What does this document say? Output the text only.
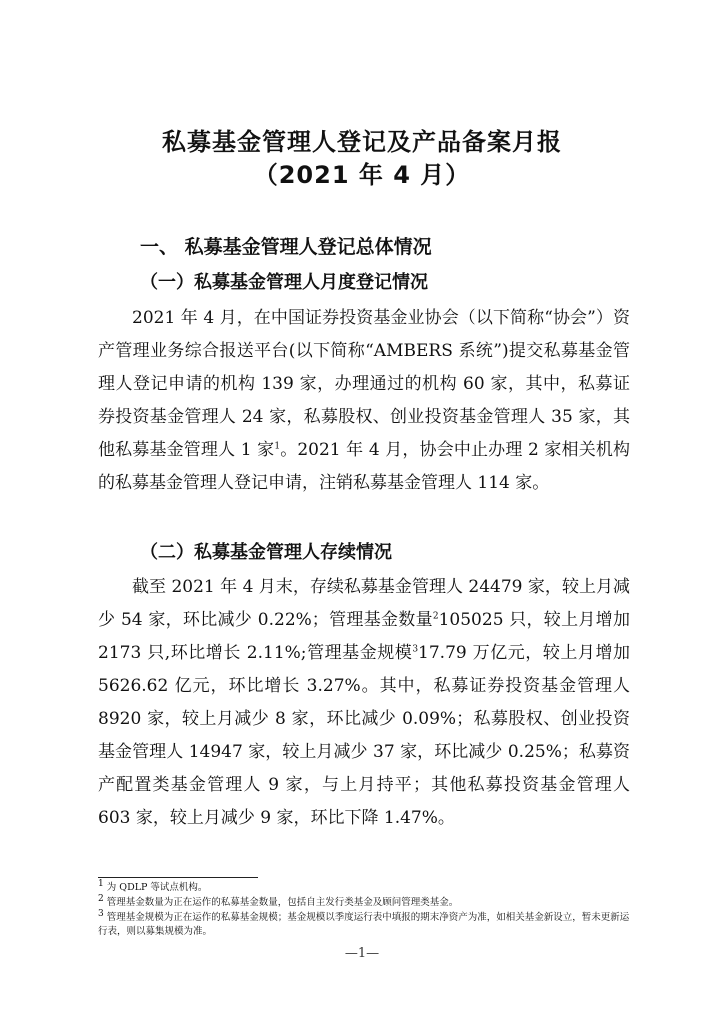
私募基金管理人登记及产品备案月报
（2021 年 4 月）
一、 私募基金管理人登记总体情况
（一）私募基金管理人月度登记情况

2021 年 4 月，在中国证券投资基金业协会（以下简称“协会”）资产管理业务综合报送平台(以下简称“AMBERS 系统”)提交私募基金管理人登记申请的机构 139 家，办理通过的机构 60 家，其中，私募证券投资基金管理人 24 家，私募股权、创业投资基金管理人 35 家，其他私募基金管理人 1 家$^1$。2021 年 4 月，协会中止办理 2 家相关机构的私募基金管理人登记申请，注销私募基金管理人 114 家。

（二）私募基金管理人存续情况

截至 2021 年 4 月末，存续私募基金管理人 24479 家，较上月减少 54 家，环比减少 0.22%；管理基金数量$^2$105025 只，较上月增加 2173 只,环比增长 2.11%;管理基金规模$^3$17.79 万亿元，较上月增加 5626.62 亿元，环比增长 3.27%。其中，私募证券投资基金管理人 8920 家，较上月减少 8 家，环比减少 0.09%；私募股权、创业投资基金管理人 14947 家，较上月减少 37 家，环比减少 0.25%；私募资产配置类基金管理人 9 家，与上月持平；其他私募投资基金管理人 603 家，较上月减少 9 家，环比下降 1.47%。

$^1$ 为 QDLP 等试点机构。

$^2$ 管理基金数量为正在运作的私募基金数量，包括自主发行类基金及顾问管理类基金。

$^3$ 管理基金规模为正在运作的私募基金规模；基金规模以季度运行表中填报的期末净资产为准，如相关基金新设立，暂未更新运行表，则以募集规模为准。

—1—
